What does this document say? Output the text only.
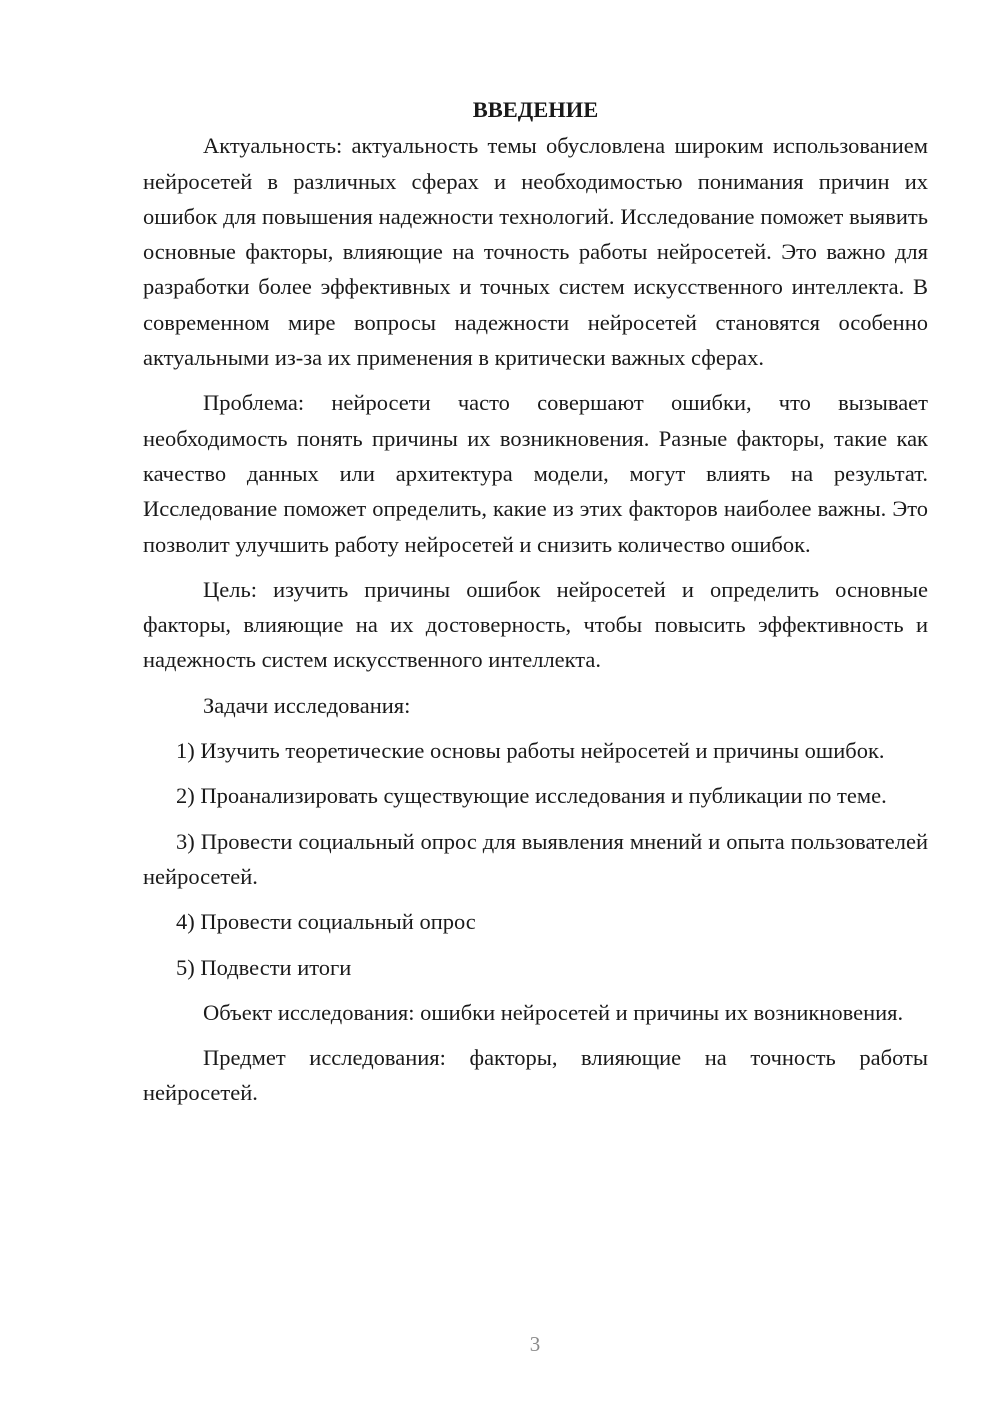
ВВЕДЕНИЕ

Актуальность: актуальность темы обусловлена широким использованием нейросетей в различных сферах и необходимостью понимания причин их ошибок для повышения надежности технологий. Исследование поможет выявить основные факторы, влияющие на точность работы нейросетей. Это важно для разработки более эффективных и точных систем искусственного интеллекта. В современном мире вопросы надежности нейросетей становятся особенно актуальными из-за их применения в критически важных сферах.

Проблема: нейросети часто совершают ошибки, что вызывает необходимость понять причины их возникновения. Разные факторы, такие как качество данных или архитектура модели, могут влиять на результат. Исследование поможет определить, какие из этих факторов наиболее важны. Это позволит улучшить работу нейросетей и снизить количество ошибок.

Цель: изучить причины ошибок нейросетей и определить основные факторы, влияющие на их достоверность, чтобы повысить эффективность и надежность систем искусственного интеллекта.

Задачи исследования:

1) Изучить теоретические основы работы нейросетей и причины ошибок.

2) Проанализировать существующие исследования и публикации по теме.

3) Провести социальный опрос для выявления мнений и опыта пользователей нейросетей.

4) Провести социальный опрос

5) Подвести итоги

Объект исследования: ошибки нейросетей и причины их возникновения.

Предмет исследования: факторы, влияющие на точность работы нейросетей.

3
